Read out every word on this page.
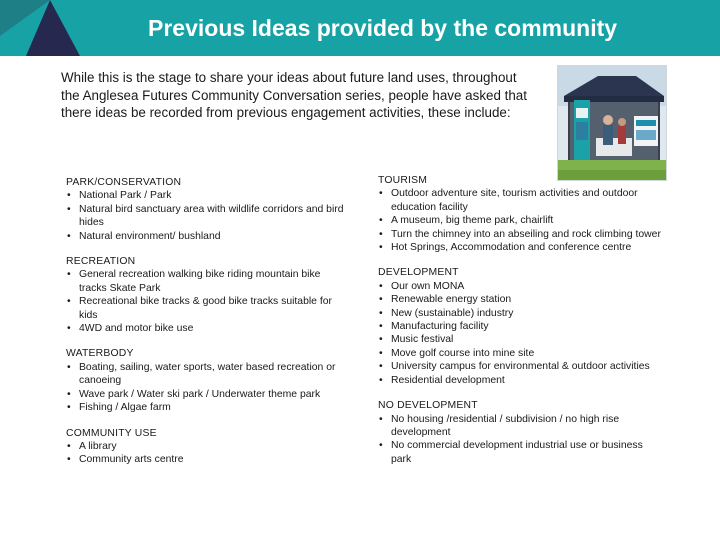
Previous Ideas provided by the community

While this is the stage to share your ideas about future land uses, throughout the Anglesea Futures Community Conversation series, people have asked that there ideas be recorded from previous engagement activities, these include:

PARK/CONSERVATION
• National Park / Park
• Natural bird sanctuary area with wildlife corridors and bird hides
• Natural environment/ bushland
RECREATION
• General recreation walking bike riding mountain bike tracks Skate Park
• Recreational bike tracks & good bike tracks suitable for kids
• 4WD and motor bike use
WATERBODY
• Boating, sailing, water sports, water based recreation or canoeing
• Wave park / Water ski park / Underwater theme park
• Fishing / Algae farm
COMMUNITY USE
• A library
• Community arts centre
TOURISM
• Outdoor adventure site, tourism activities and outdoor education facility
• A museum, big theme park, chairlift
• Turn the chimney into an abseiling and rock climbing tower
• Hot Springs, Accommodation and conference centre
DEVELOPMENT
• Our own MONA
• Renewable energy station
• New (sustainable) industry
• Manufacturing facility
• Music festival
• Move golf course into mine site
• University campus for environmental & outdoor activities
• Residential development
NO DEVELOPMENT
• No housing /residential / subdivision / no high rise development
• No commercial development industrial use or business park
